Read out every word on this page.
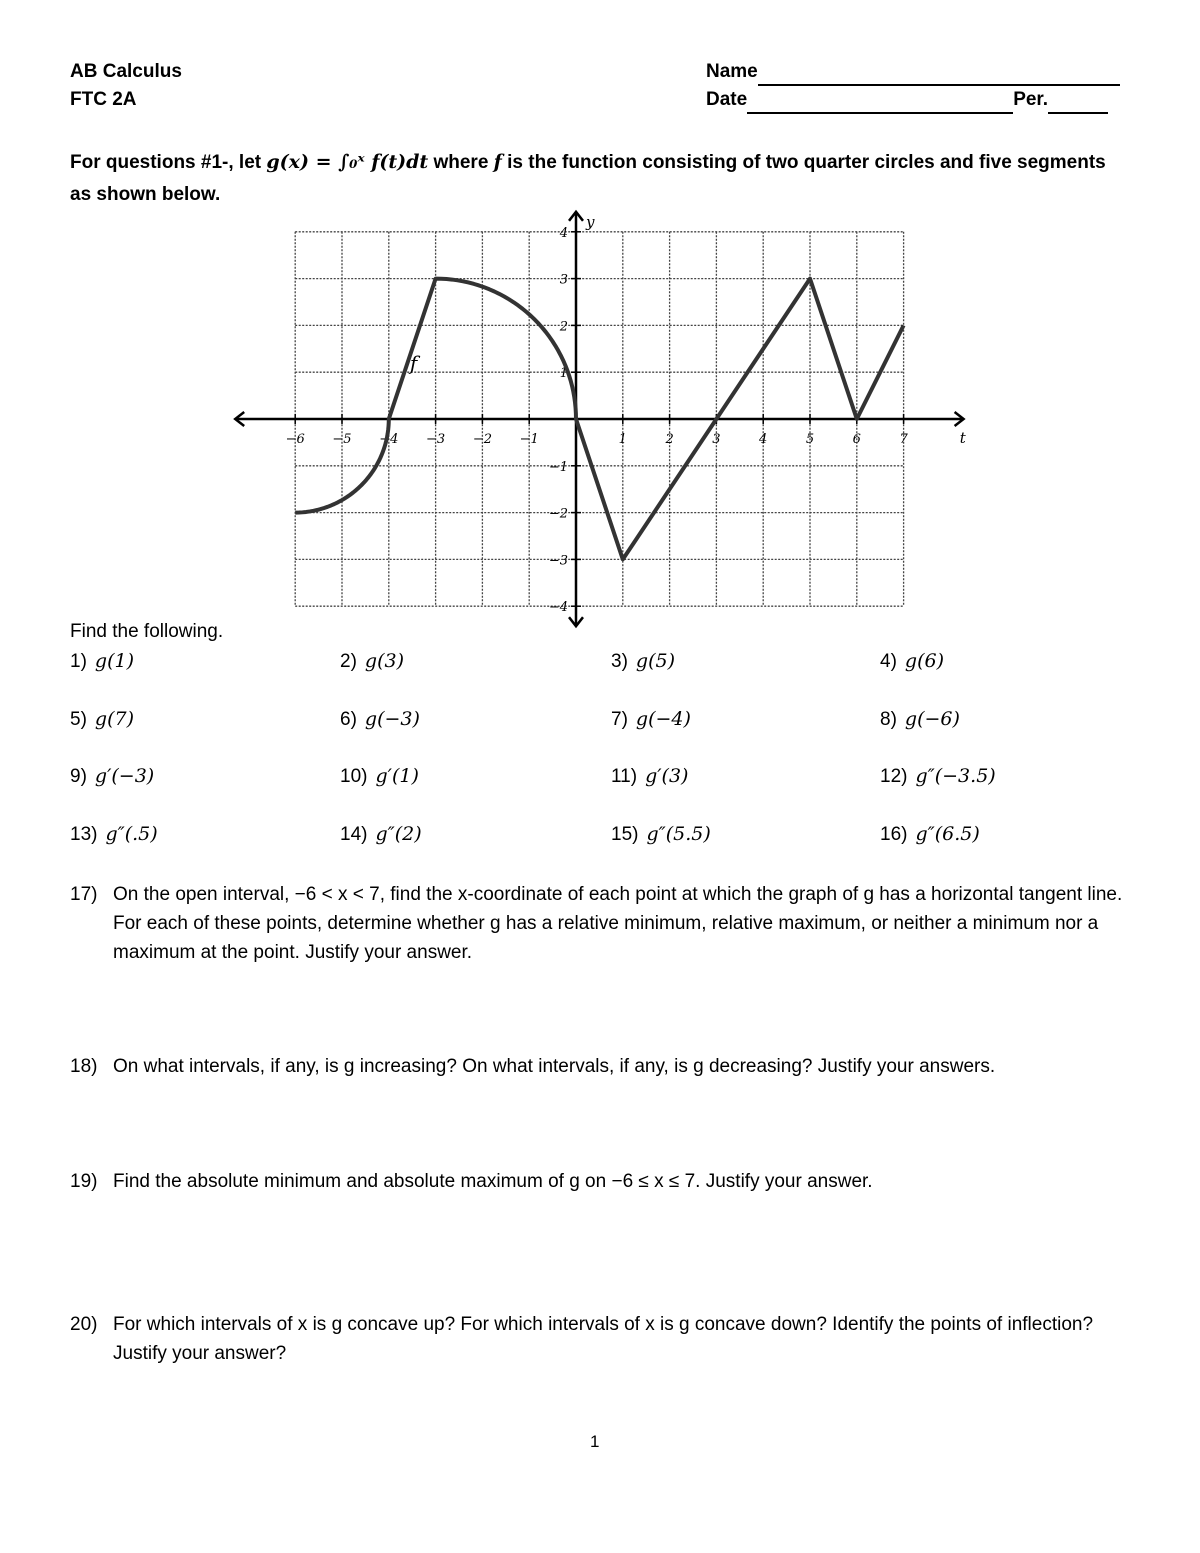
AB Calculus
FTC 2A
Name
Date	Per.
For questions #1-, let g(x) = ∫₀ˣ f(t)dt where f is the function consisting of two quarter circles and five segments as shown below.
−6 −5 −4 −3 −2 −1	1	2	3	4	5	6	7
4
3
2
1
−1
−2
−3
−4
f
t
y
Find the following.
1) g(1)	2) g(3)	3) g(5)	4) g(6)
5) g(7)	6) g(−3)	7) g(−4)	8) g(−6)
9) g′(−3)	10) g′(1)	11) g′(3)	12) g″(−3.5)
13) g″(.5)	14) g″(2)	15) g″(5.5)	16) g″(6.5)
17) On the open interval, −6 < x < 7, find the x-coordinate of each point at which the graph of g has a horizontal tangent line. For each of these points, determine whether g has a relative minimum, relative maximum, or neither a minimum nor a maximum at the point. Justify your answer.
18) On what intervals, if any, is g increasing? On what intervals, if any, is g decreasing? Justify your answers.
19) Find the absolute minimum and absolute maximum of g on −6 ≤ x ≤ 7. Justify your answer.
20) For which intervals of x is g concave up? For which intervals of x is g concave down? Identify the points of inflection? Justify your answer?
1
